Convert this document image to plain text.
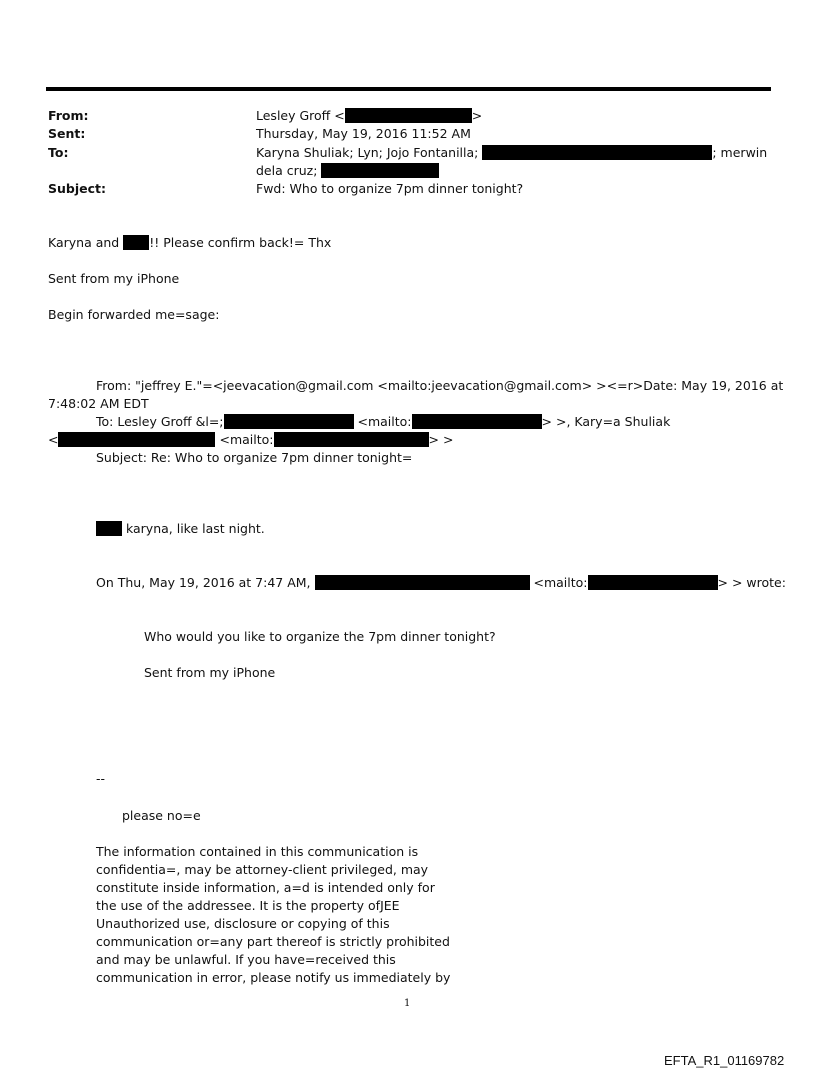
From:	Lesley Groff <	>
Sent:	Thursday, May 19, 2016 11:52 AM
To:	Karyna Shuliak; Lyn; Jojo Fontanilla;	; merwin
dela cruz;
Subject:	Fwd: Who to organize 7pm dinner tonight?
Karyna and !! Please confirm back!= Thx
Sent from my iPhone
Begin forwarded me=sage:
From: "jeffrey E."=<jeevacation@gmail.com <mailto:jeevacation@gmail.com> ><=r>Date: May 19, 2016 at
7:48:02 AM EDT
To: Lesley Groff &l=;	<mailto:	> >, Kary=a Shuliak
<	<mailto:	> >
Subject: Re: Who to organize 7pm dinner tonight=
karyna, like last night.
On Thu, May 19, 2016 at 7:47 AM,	<mailto:	> > wrote:
Who would you like to organize the 7pm dinner tonight?
Sent from my iPhone
--
please no=e
The information contained in this communication is
confidentia=, may be attorney-client privileged, may
constitute inside information, a=d is intended only for
the use of the addressee. It is the property ofJEE
Unauthorized use, disclosure or copying of this
communication or=any part thereof is strictly prohibited
and may be unlawful. If you have=received this
communication in error, please notify us immediately by
1
EFTA_R1_01169782
